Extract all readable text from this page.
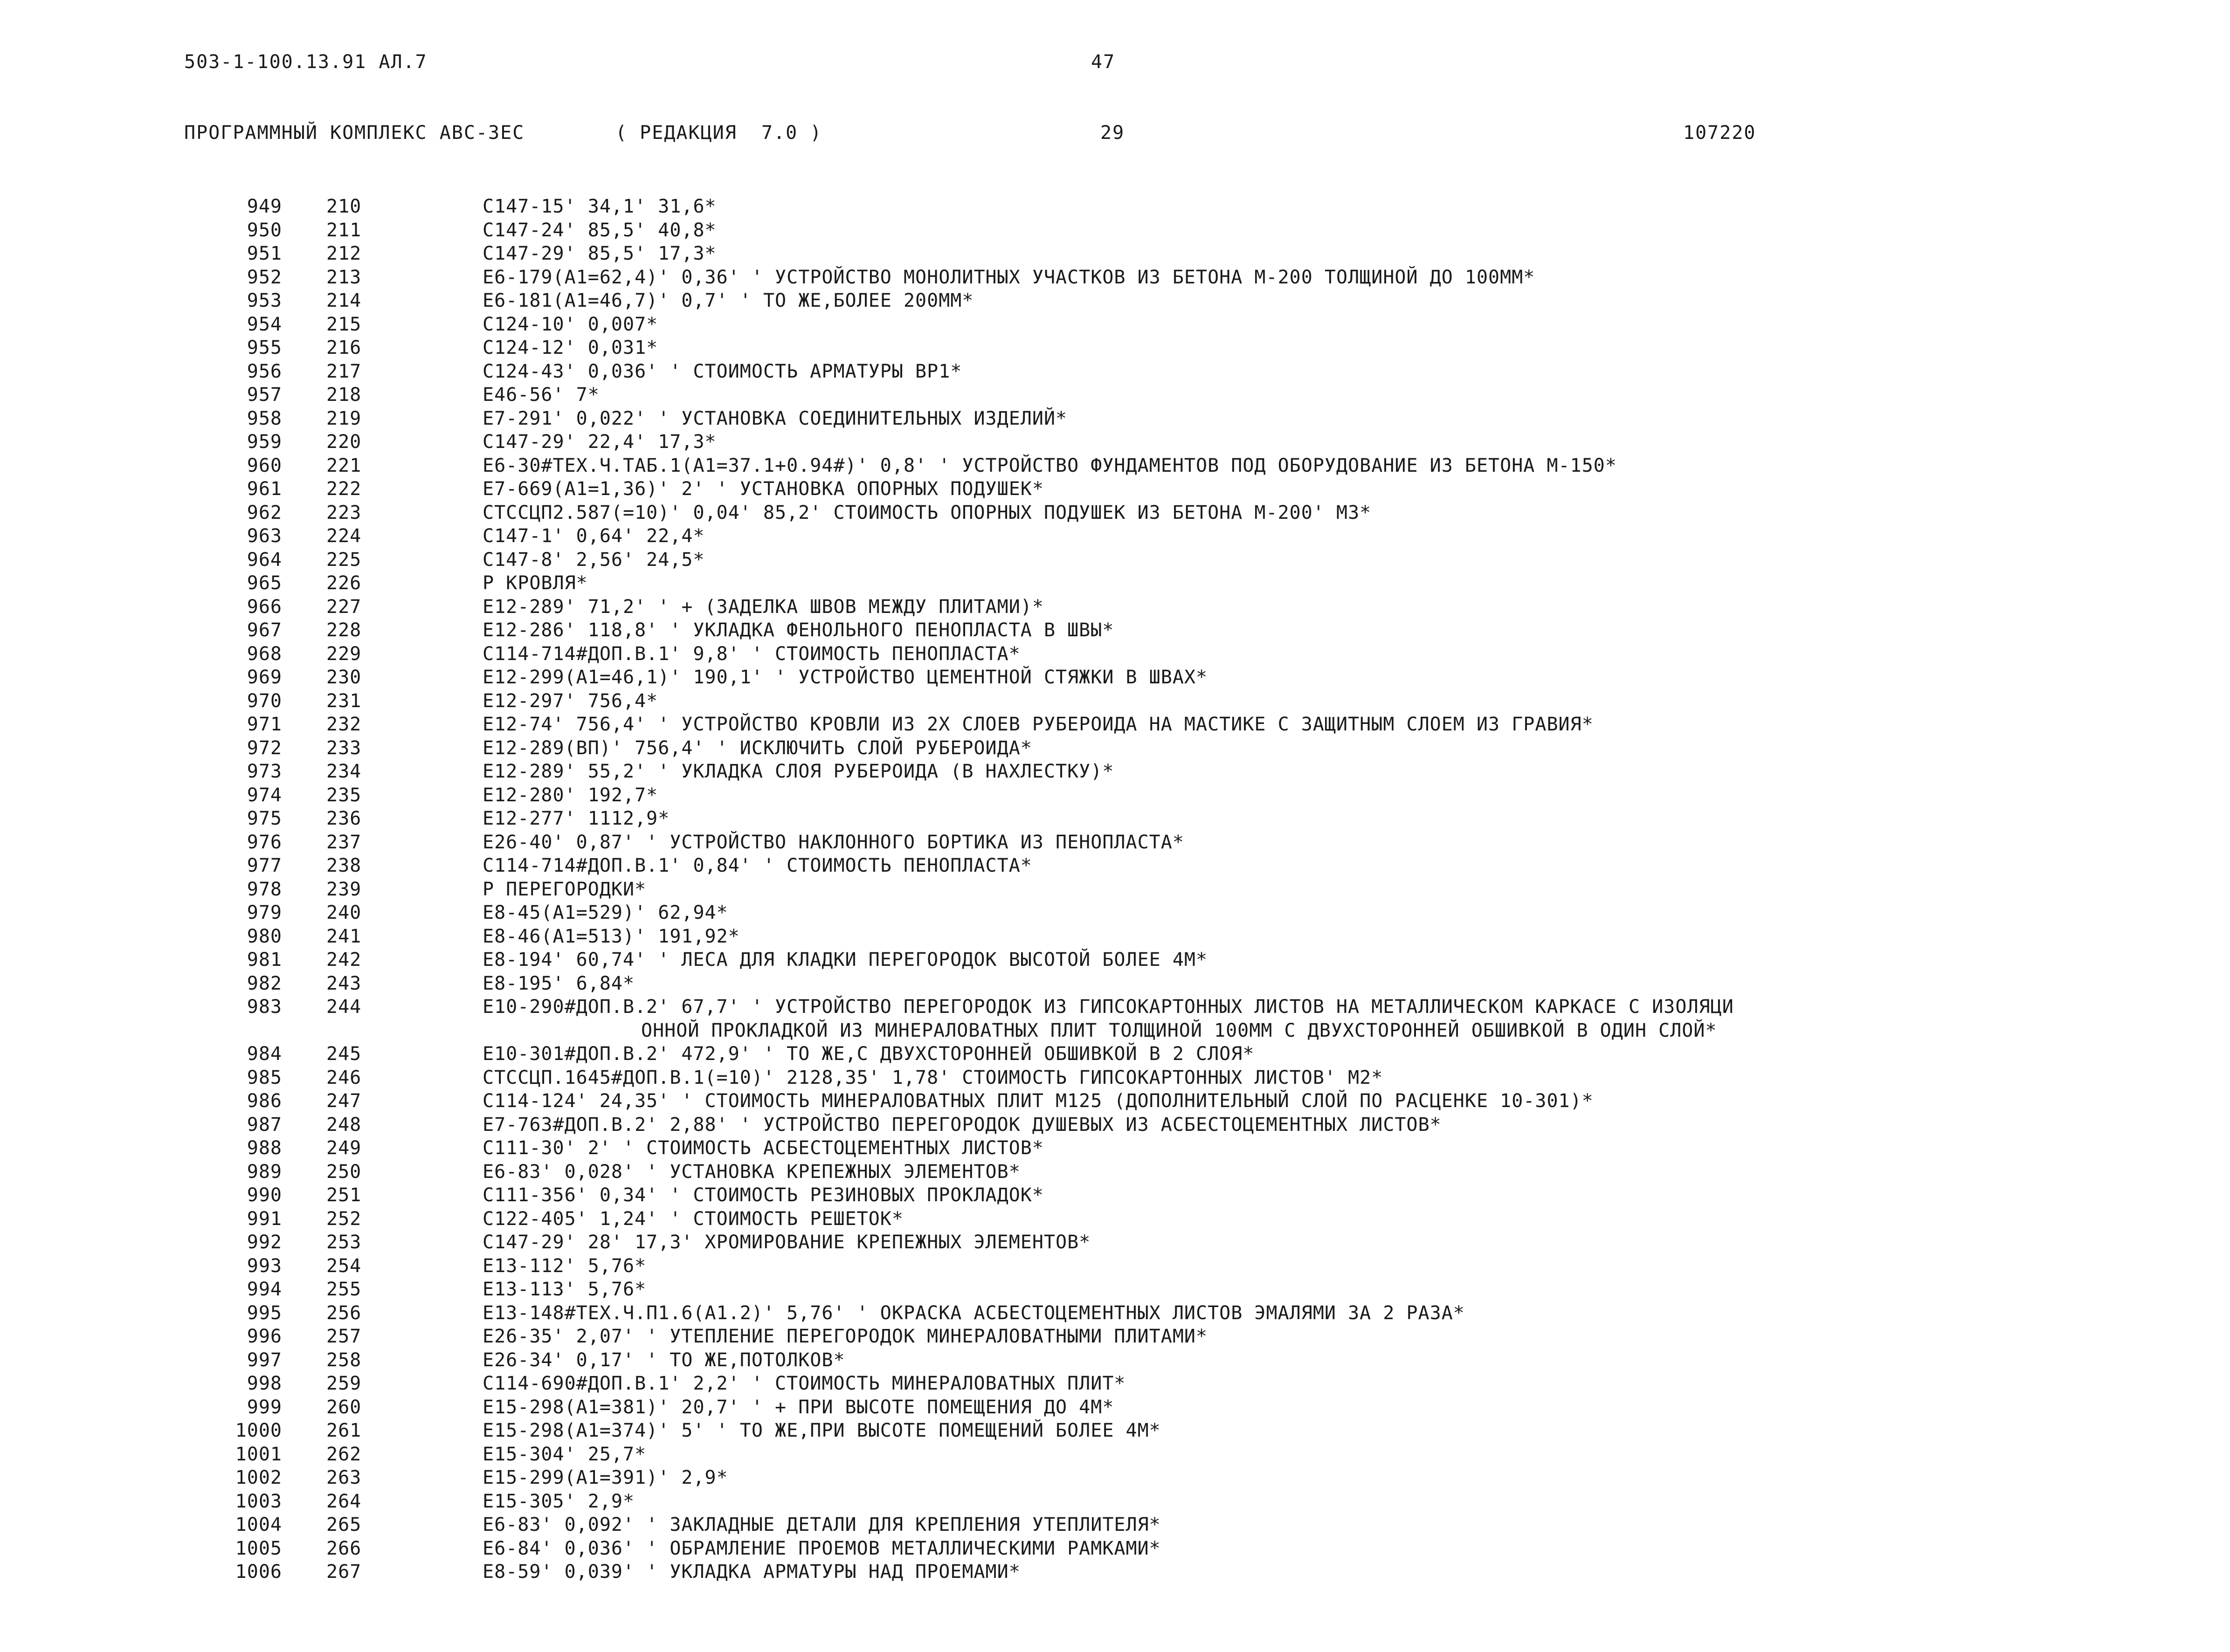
503-1-100.13.91 АЛ.7	47
ПРОГРАММНЫЙ КОМПЛЕКС АВС-3ЕС	( РЕДАКЦИЯ  7.0 )	29	107220
949 210	C147-15' 34,1' 31,6*
950 211	C147-24' 85,5' 40,8*
951 212	C147-29' 85,5' 17,3*
952 213	E6-179(A1=62,4)' 0,36' ' УСТРОЙСТВО МОНОЛИТНЫХ УЧАСТКОВ ИЗ БЕТОНА М-200 ТОЛЩИНОЙ ДО 100ММ*
953 214	E6-181(A1=46,7)' 0,7' ' ТО ЖЕ,БОЛЕЕ 200ММ*
954 215	C124-10' 0,007*
955 216	C124-12' 0,031*
956 217	C124-43' 0,036' ' СТОИМОСТЬ АРМАТУРЫ ВР1*
957 218	E46-56' 7*
958 219	E7-291' 0,022' ' УСТАНОВКА СОЕДИНИТЕЛЬНЫХ ИЗДЕЛИЙ*
959 220	C147-29' 22,4' 17,3*
960 221	E6-30#ТЕХ.Ч.ТАБ.1(A1=37.1+0.94#)' 0,8' ' УСТРОЙСТВО ФУНДАМЕНТОВ ПОД ОБОРУДОВАНИЕ ИЗ БЕТОНА М-150*
961 222	E7-669(A1=1,36)' 2' ' УСТАНОВКА ОПОРНЫХ ПОДУШЕК*
962 223	СТССЦП2.587(=10)' 0,04' 85,2' СТОИМОСТЬ ОПОРНЫХ ПОДУШЕК ИЗ БЕТОНА М-200' М3*
963 224	C147-1' 0,64' 22,4*
964 225	C147-8' 2,56' 24,5*
965 226	Р КРОВЛЯ*
966 227	E12-289' 71,2' ' + (ЗАДЕЛКА ШВОВ МЕЖДУ ПЛИТАМИ)*
967 228	E12-286' 118,8' ' УКЛАДКА ФЕНОЛЬНОГО ПЕНОПЛАСТА В ШВЫ*
968 229	C114-714#ДОП.В.1' 9,8' ' СТОИМОСТЬ ПЕНОПЛАСТА*
969 230	E12-299(A1=46,1)' 190,1' ' УСТРОЙСТВО ЦЕМЕНТНОЙ СТЯЖКИ В ШВАХ*
970 231	E12-297' 756,4*
971 232	E12-74' 756,4' ' УСТРОЙСТВО КРОВЛИ ИЗ 2Х СЛОЕВ РУБЕРОИДА НА МАСТИКЕ С ЗАЩИТНЫМ СЛОЕМ ИЗ ГРАВИЯ*
972 233	E12-289(ВП)' 756,4' ' ИСКЛЮЧИТЬ СЛОЙ РУБЕРОИДА*
973 234	E12-289' 55,2' ' УКЛАДКА СЛОЯ РУБЕРОИДА (В НАХЛЕСТКУ)*
974 235	E12-280' 192,7*
975 236	E12-277' 1112,9*
976 237	E26-40' 0,87' ' УСТРОЙСТВО НАКЛОННОГО БОРТИКА ИЗ ПЕНОПЛАСТА*
977 238	C114-714#ДОП.В.1' 0,84' ' СТОИМОСТЬ ПЕНОПЛАСТА*
978 239	Р ПЕРЕГОРОДКИ*
979 240	E8-45(A1=529)' 62,94*
980 241	E8-46(A1=513)' 191,92*
981 242	E8-194' 60,74' ' ЛЕСА ДЛЯ КЛАДКИ ПЕРЕГОРОДОК ВЫСОТОЙ БОЛЕЕ 4М*
982 243	E8-195' 6,84*
983 244	E10-290#ДОП.В.2' 67,7' ' УСТРОЙСТВО ПЕРЕГОРОДОК ИЗ ГИПСОКАРТОННЫХ ЛИСТОВ НА МЕТАЛЛИЧЕСКОМ КАРКАСЕ С ИЗОЛЯЦИ
ОННОЙ ПРОКЛАДКОЙ ИЗ МИНЕРАЛОВАТНЫХ ПЛИТ ТОЛЩИНОЙ 100ММ С ДВУХСТОРОННЕЙ ОБШИВКОЙ В ОДИН СЛОЙ*
984 245	E10-301#ДОП.В.2' 472,9' ' ТО ЖЕ,С ДВУХСТОРОННЕЙ ОБШИВКОЙ В 2 СЛОЯ*
985 246	СТССЦП.1645#ДОП.В.1(=10)' 2128,35' 1,78' СТОИМОСТЬ ГИПСОКАРТОННЫХ ЛИСТОВ' М2*
986 247	C114-124' 24,35' ' СТОИМОСТЬ МИНЕРАЛОВАТНЫХ ПЛИТ М125 (ДОПОЛНИТЕЛЬНЫЙ СЛОЙ ПО РАСЦЕНКЕ 10-301)*
987 248	E7-763#ДОП.В.2' 2,88' ' УСТРОЙСТВО ПЕРЕГОРОДОК ДУШЕВЫХ ИЗ АСБЕСТОЦЕМЕНТНЫХ ЛИСТОВ*
988 249	C111-30' 2' ' СТОИМОСТЬ АСБЕСТОЦЕМЕНТНЫХ ЛИСТОВ*
989 250	E6-83' 0,028' ' УСТАНОВКА КРЕПЕЖНЫХ ЭЛЕМЕНТОВ*
990 251	C111-356' 0,34' ' СТОИМОСТЬ РЕЗИНОВЫХ ПРОКЛАДОК*
991 252	C122-405' 1,24' ' СТОИМОСТЬ РЕШЕТОК*
992 253	C147-29' 28' 17,3' ХРОМИРОВАНИЕ КРЕПЕЖНЫХ ЭЛЕМЕНТОВ*
993 254	E13-112' 5,76*
994 255	E13-113' 5,76*
995 256	E13-148#ТЕХ.Ч.П1.6(A1.2)' 5,76' ' ОКРАСКА АСБЕСТОЦЕМЕНТНЫХ ЛИСТОВ ЭМАЛЯМИ ЗА 2 РАЗА*
996 257	E26-35' 2,07' ' УТЕПЛЕНИЕ ПЕРЕГОРОДОК МИНЕРАЛОВАТНЫМИ ПЛИТАМИ*
997 258	E26-34' 0,17' ' ТО ЖЕ,ПОТОЛКОВ*
998 259	C114-690#ДОП.В.1' 2,2' ' СТОИМОСТЬ МИНЕРАЛОВАТНЫХ ПЛИТ*
999 260	E15-298(A1=381)' 20,7' ' + ПРИ ВЫСОТЕ ПОМЕЩЕНИЯ ДО 4М*
1000 261	E15-298(A1=374)' 5' ' ТО ЖЕ,ПРИ ВЫСОТЕ ПОМЕЩЕНИЙ БОЛЕЕ 4М*
1001 262	E15-304' 25,7*
1002 263	E15-299(A1=391)' 2,9*
1003 264	E15-305' 2,9*
1004 265	E6-83' 0,092' ' ЗАКЛАДНЫЕ ДЕТАЛИ ДЛЯ КРЕПЛЕНИЯ УТЕПЛИТЕЛЯ*
1005 266	E6-84' 0,036' ' ОБРАМЛЕНИЕ ПРОЕМОВ МЕТАЛЛИЧЕСКИМИ РАМКАМИ*
1006 267	E8-59' 0,039' ' УКЛАДКА АРМАТУРЫ НАД ПРОЕМАМИ*
